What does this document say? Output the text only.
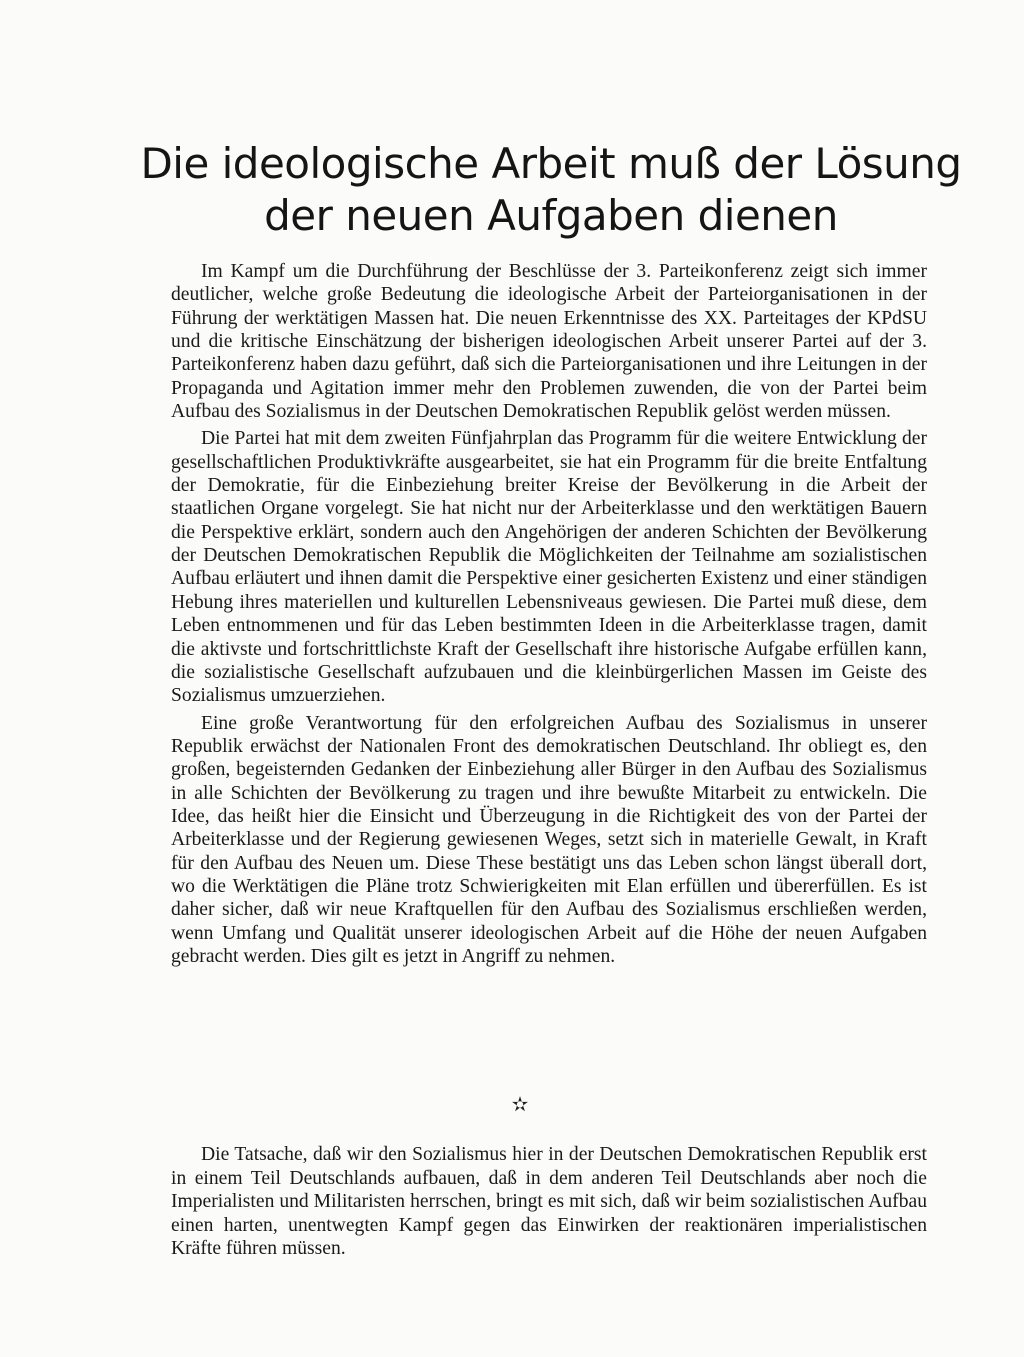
Die ideologische Arbeit muß der Lösung
der neuen Aufgaben dienen

Im Kampf um die Durchführung der Beschlüsse der 3. Parteikonferenz zeigt sich immer deutlicher, welche große Bedeutung die ideologische Arbeit der Parteiorganisationen in der Führung der werktätigen Massen hat. Die neuen Erkenntnisse des XX. Parteitages der KPdSU und die kritische Einschätzung der bisherigen ideologischen Arbeit unserer Partei auf der 3. Parteikonferenz haben dazu geführt, daß sich die Parteiorganisationen und ihre Leitungen in der Propaganda und Agitation immer mehr den Problemen zuwenden, die von der Partei beim Aufbau des Sozialismus in der Deutschen Demokratischen Republik gelöst werden müssen.

Die Partei hat mit dem zweiten Fünfjahrplan das Programm für die weitere Entwicklung der gesellschaftlichen Produktivkräfte ausgearbeitet, sie hat ein Programm für die breite Entfaltung der Demokratie, für die Einbeziehung breiter Kreise der Bevölkerung in die Arbeit der staatlichen Organe vorgelegt. Sie hat nicht nur der Arbeiterklasse und den werktätigen Bauern die Perspektive erklärt, sondern auch den Angehörigen der anderen Schichten der Bevölkerung der Deutschen Demokratischen Republik die Möglichkeiten der Teilnahme am sozialistischen Aufbau erläutert und ihnen damit die Perspektive einer gesicherten Existenz und einer ständigen Hebung ihres materiellen und kulturellen Lebensniveaus gewiesen. Die Partei muß diese, dem Leben entnommenen und für das Leben bestimmten Ideen in die Arbeiterklasse tragen, damit die aktivste und fortschrittlichste Kraft der Gesellschaft ihre historische Aufgabe erfüllen kann, die sozialistische Gesellschaft aufzubauen und die kleinbürgerlichen Massen im Geiste des Sozialismus umzuerziehen.

Eine große Verantwortung für den erfolgreichen Aufbau des Sozialismus in unserer Republik erwächst der Nationalen Front des demokratischen Deutschland. Ihr obliegt es, den großen, begeisternden Gedanken der Einbeziehung aller Bürger in den Aufbau des Sozialismus in alle Schichten der Bevölkerung zu tragen und ihre bewußte Mitarbeit zu entwickeln. Die Idee, das heißt hier die Einsicht und Überzeugung in die Richtigkeit des von der Partei der Arbeiterklasse und der Regierung gewiesenen Weges, setzt sich in materielle Gewalt, in Kraft für den Aufbau des Neuen um. Diese These bestätigt uns das Leben schon längst überall dort, wo die Werktätigen die Pläne trotz Schwierigkeiten mit Elan erfüllen und übererfüllen. Es ist daher sicher, daß wir neue Kraftquellen für den Aufbau des Sozialismus erschließen werden, wenn Umfang und Qualität unserer ideologischen Arbeit auf die Höhe der neuen Aufgaben gebracht werden. Dies gilt es jetzt in Angriff zu nehmen.

✫

Die Tatsache, daß wir den Sozialismus hier in der Deutschen Demokratischen Republik erst in einem Teil Deutschlands aufbauen, daß in dem anderen Teil Deutschlands aber noch die Imperialisten und Militaristen herrschen, bringt es mit sich, daß wir beim sozialistischen Aufbau einen harten, unentwegten Kampf gegen das Einwirken der reaktionären imperialistischen Kräfte führen müssen.
